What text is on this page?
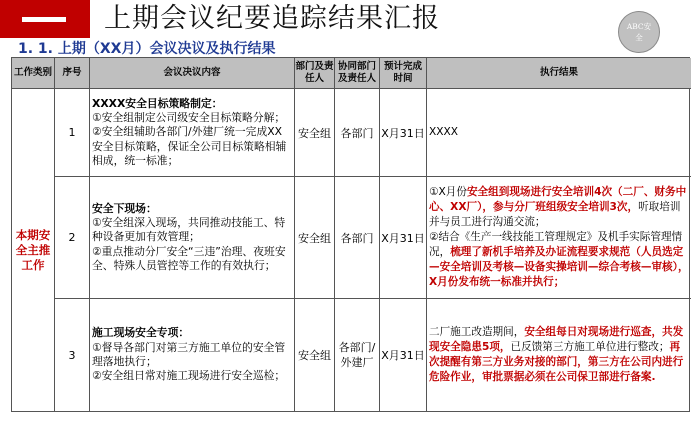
上期会议纪要追踪结果汇报
1. 1. 上期（XX月）会议决议及执行结果
ABC安全
工作类别	序号	会议决议内容
部门及责任人
协同部门及责任人
预计完成时间
执行结果
本期安全主推工作
1
XXXX安全目标策略制定：
①安全组制定公司级安全目标策略分解；
②安全组辅助各部门/外建厂统一完成XX安全目标策略，保证全公司目标策略相辅相成，统一标准；
安全组 各部门 X月31日 XXXX
2
安全下现场：
①安全组深入现场，共同推动技能工、特种设备更加有效管理；
②重点推动分厂安全“三违”治理、夜班安全、特殊人员管控等工作的有效执行；
安全组 各部门 X月31日
①X月份安全组到现场进行安全培训4次（二厂、财务中心、XX厂），参与分厂班组级安全培训3次，听取培训并与员工进行沟通交流；
②结合《生产一线技能工管理规定》及机手实际管理情况，梳理了新机手培养及办证流程要求规范（人员选定—安全培训及考核—设备实操培训—综合考核—审核），X月份发布统一标准并执行；
3
施工现场安全专项：
①督导各部门对第三方施工单位的安全管理落地执行；
②安全组日常对施工现场进行安全巡检；
安全组
各部门/外建厂
X月31日
二厂施工改造期间，安全组每日对现场进行巡查，共发现安全隐患5项，已反馈第三方施工单位进行整改；再次提醒有第三方业务对接的部门，第三方在公司内进行危险作业，审批票据必须在公司保卫部进行备案.
